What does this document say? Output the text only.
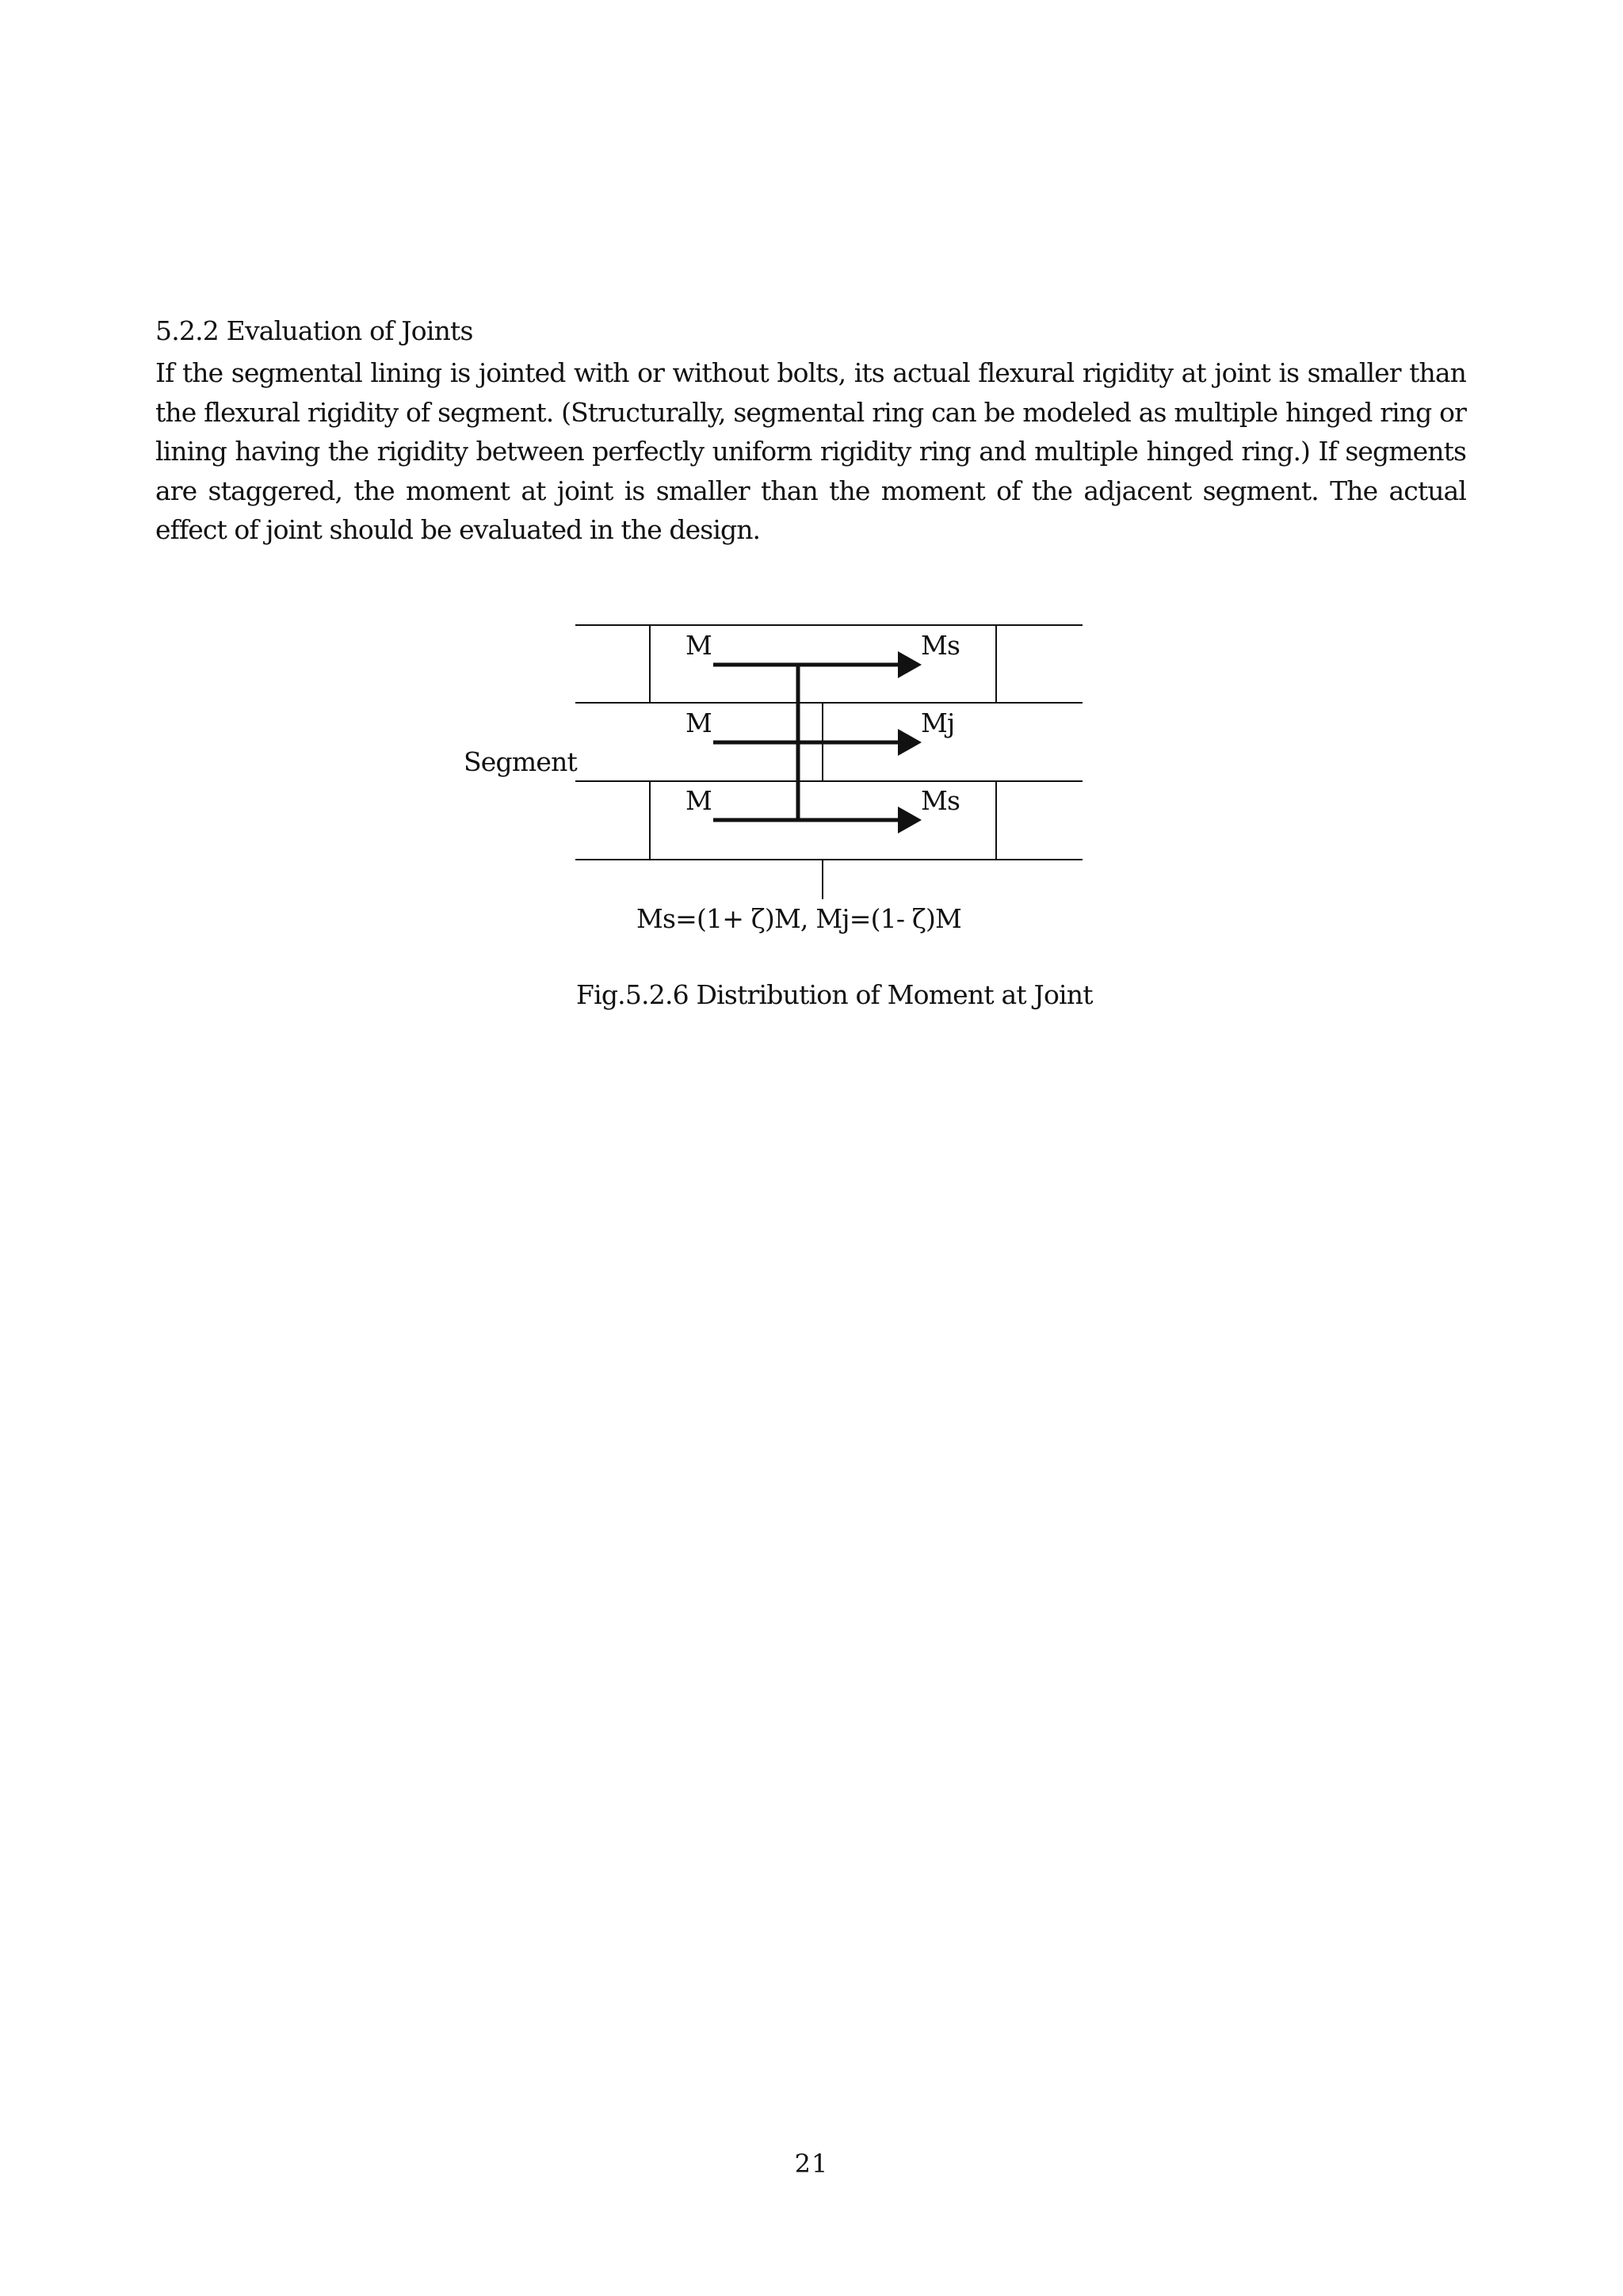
5.2.2 Evaluation of Joints

If the segmental lining is jointed with or without bolts, its actual flexural rigidity at joint is smaller than the flexural rigidity of segment. (Structurally, segmental ring can be modeled as multiple hinged ring or lining having the rigidity between perfectly uniform rigidity ring and multiple hinged ring.) If segments are staggered, the moment at joint is smaller than the moment of the adjacent segment. The actual effect of joint should be evaluated in the design.

M	Ms
M	Mj
M	Ms
Segment
Ms=(1+ ζ)M, Mj=(1- ζ)M

Fig.5.2.6 Distribution of Moment at Joint

21
